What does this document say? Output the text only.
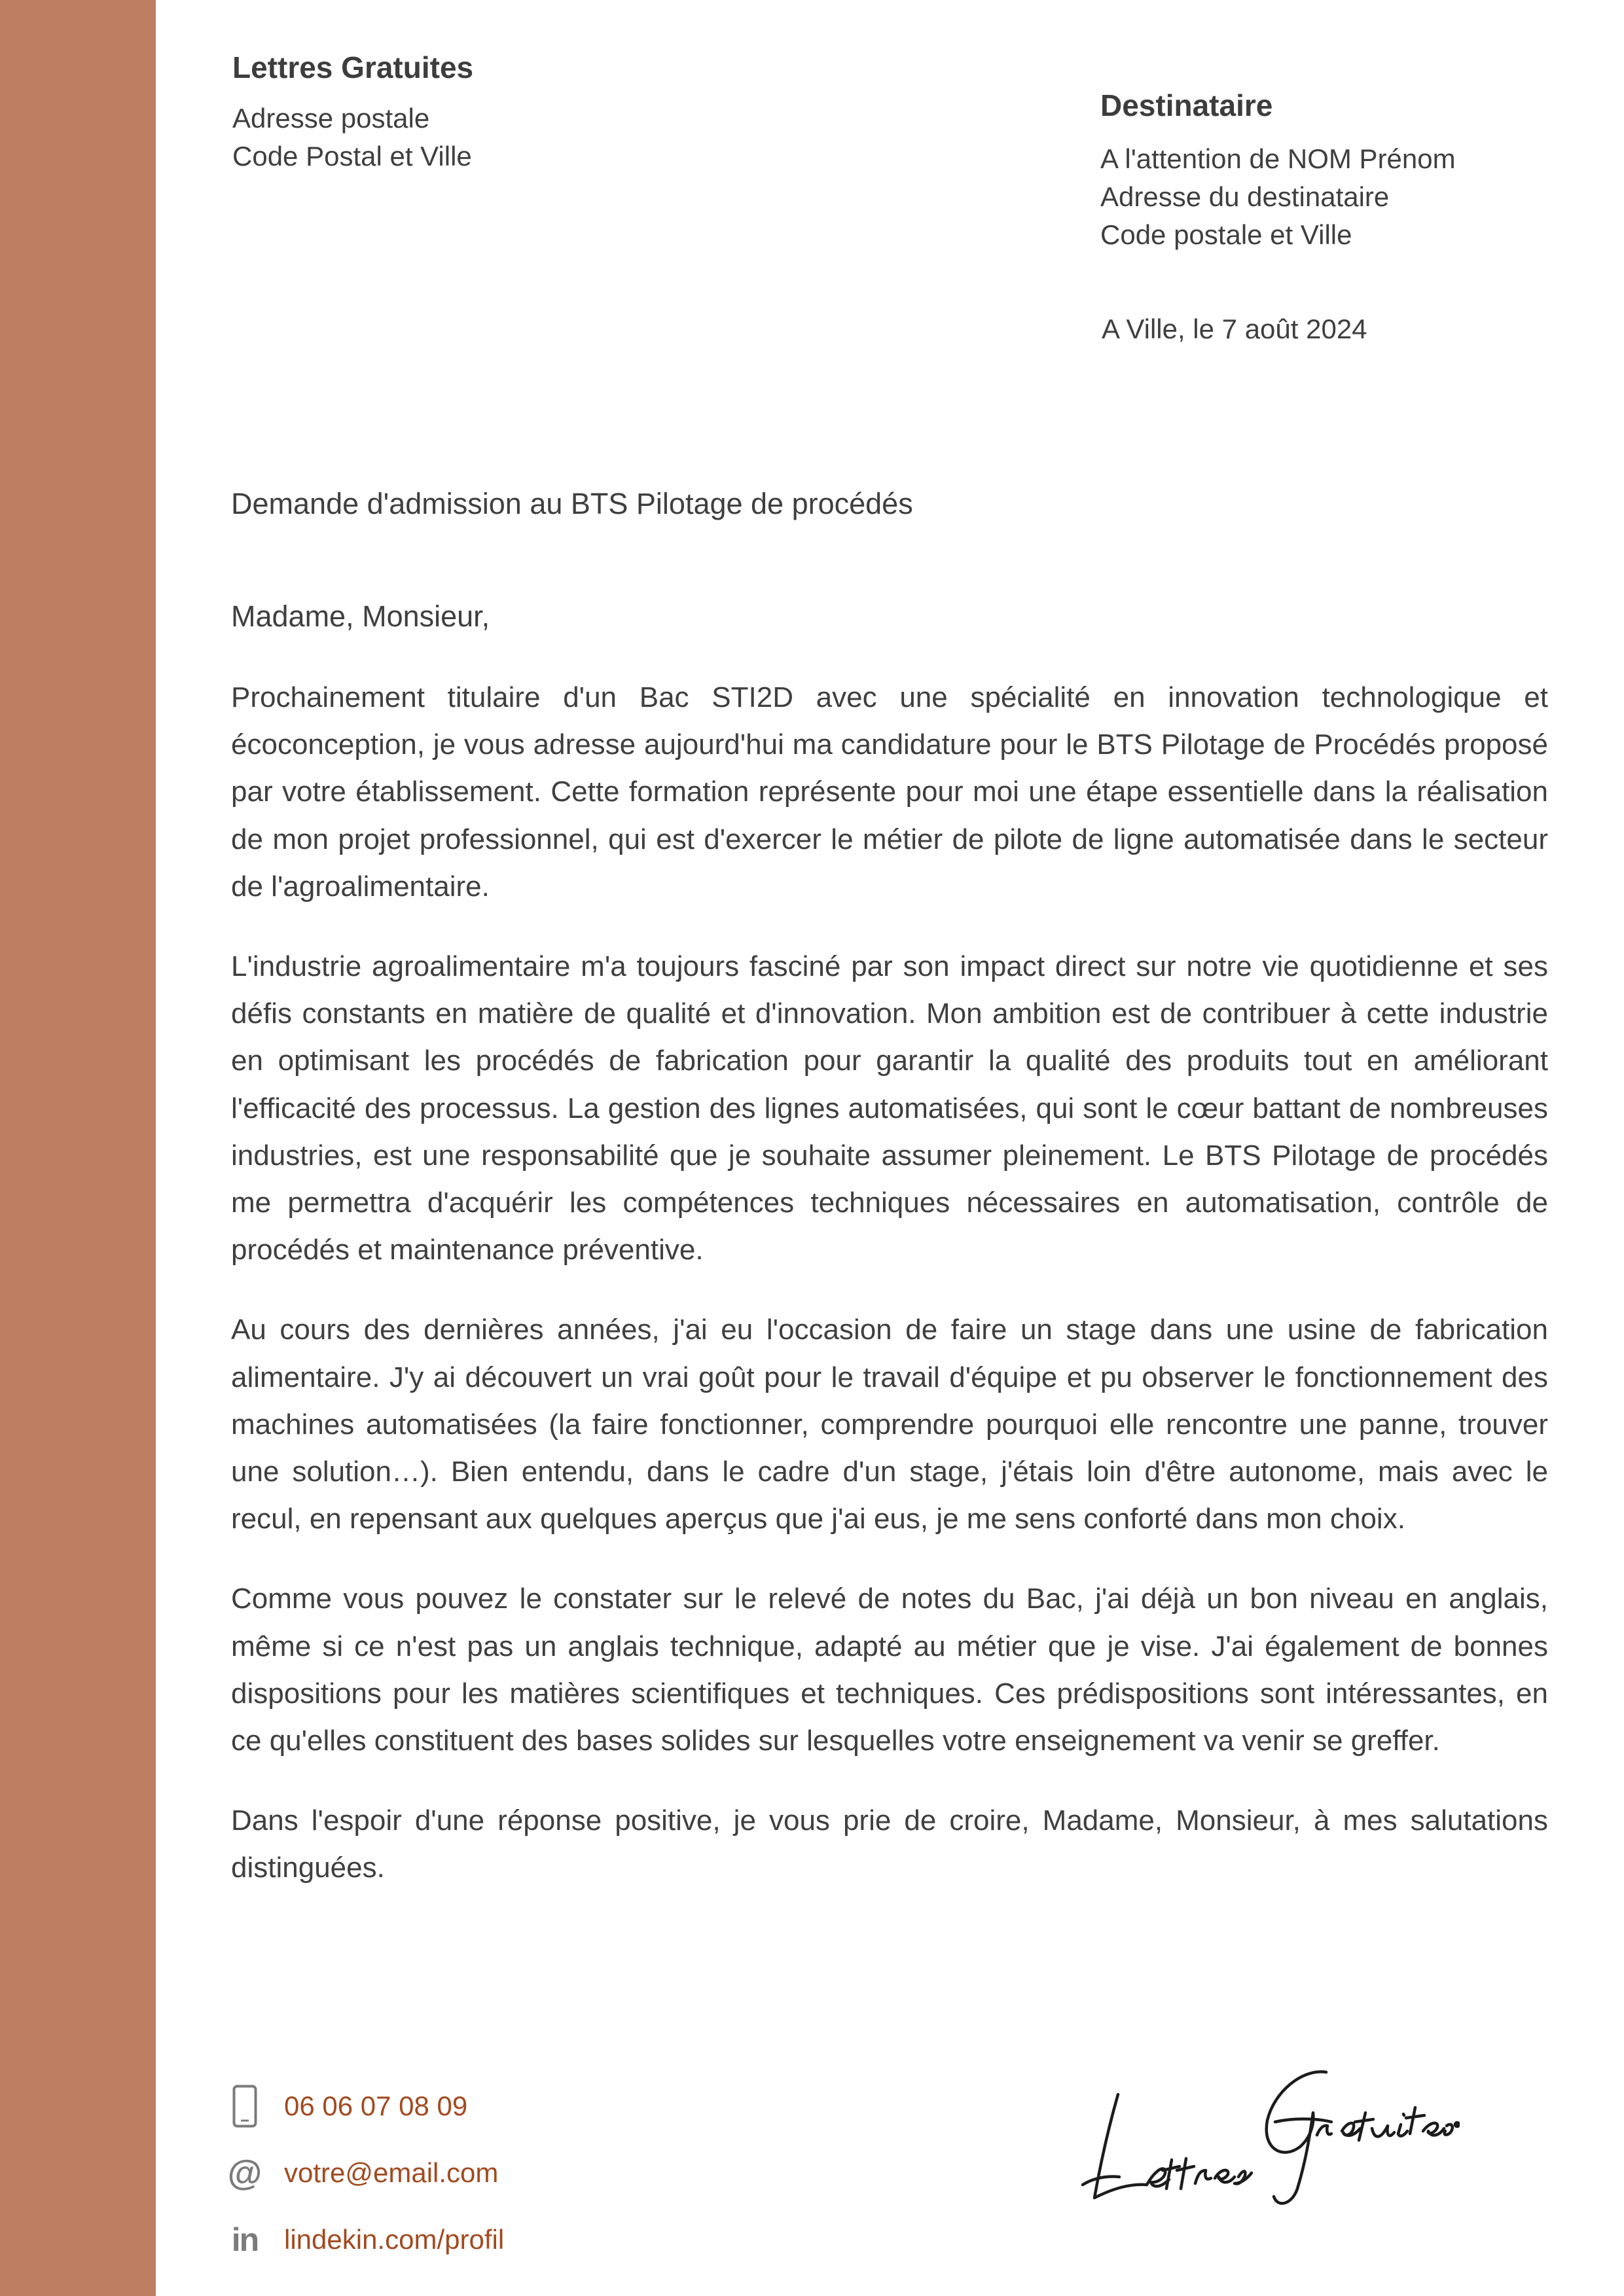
Lettres Gratuites
Adresse postale
Code Postal et Ville
Destinataire
A l'attention de NOM Prénom
Adresse du destinataire
Code postale et Ville
A Ville, le 7 août 2024
Demande d'admission au BTS Pilotage de procédés
Madame, Monsieur,

Prochainement titulaire d'un Bac STI2D avec une spécialité en innovation technologique et écoconception, je vous adresse aujourd'hui ma candidature pour le BTS Pilotage de Procédés proposé par votre établissement. Cette formation représente pour moi une étape essentielle dans la réalisation de mon projet professionnel, qui est d'exercer le métier de pilote de ligne automatisée dans le secteur de l'agroalimentaire.

L'industrie agroalimentaire m'a toujours fasciné par son impact direct sur notre vie quotidienne et ses défis constants en matière de qualité et d'innovation. Mon ambition est de contribuer à cette industrie en optimisant les procédés de fabrication pour garantir la qualité des produits tout en améliorant l'efficacité des processus. La gestion des lignes automatisées, qui sont le cœur battant de nombreuses industries, est une responsabilité que je souhaite assumer pleinement. Le BTS Pilotage de procédés me permettra d'acquérir les compétences techniques nécessaires en automatisation, contrôle de procédés et maintenance préventive.

Au cours des dernières années, j'ai eu l'occasion de faire un stage dans une usine de fabrication alimentaire. J'y ai découvert un vrai goût pour le travail d'équipe et pu observer le fonctionnement des machines automatisées (la faire fonctionner, comprendre pourquoi elle rencontre une panne, trouver une solution…). Bien entendu, dans le cadre d'un stage, j'étais loin d'être autonome, mais avec le recul, en repensant aux quelques aperçus que j'ai eus, je me sens conforté dans mon choix.

Comme vous pouvez le constater sur le relevé de notes du Bac, j'ai déjà un bon niveau en anglais, même si ce n'est pas un anglais technique, adapté au métier que je vise. J'ai également de bonnes dispositions pour les matières scientifiques et techniques. Ces prédispositions sont intéressantes, en ce qu'elles constituent des bases solides sur lesquelles votre enseignement va venir se greffer.

Dans l'espoir d'une réponse positive, je vous prie de croire, Madame, Monsieur, à mes salutations distinguées.

06 06 07 08 09
@ votre@email.com
in lindekin.com/profil
